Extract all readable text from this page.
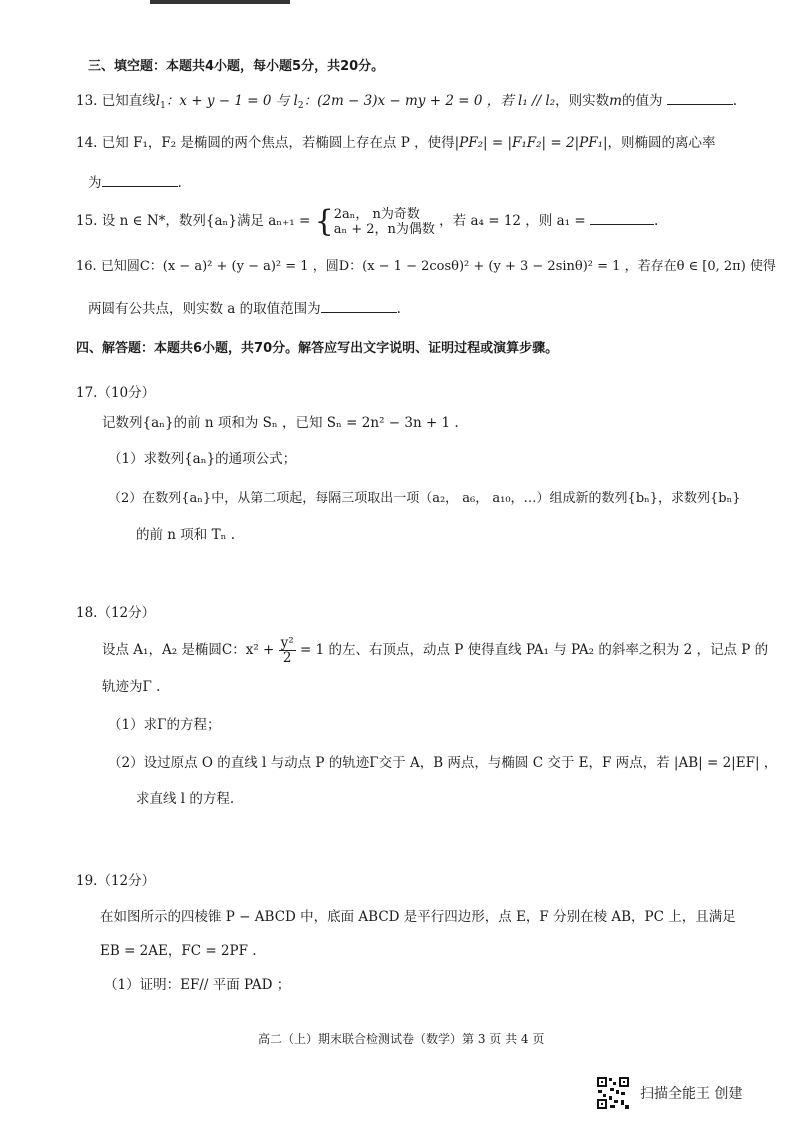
三、填空题：本题共4小题，每小题5分，共20分。
13. 已知直线$l_1$：x + y − 1 = 0 与 $l_2$：(2m − 3)x − my + 2 = 0 ，若 l₁ // l₂，则实数m的值为	.
14. 已知 F₁，F₂ 是椭圆的两个焦点，若椭圆上存在点 P ，使得|PF₂| = |F₁F₂| = 2|PF₁|，则椭圆的离心率
为	.
15. 设 n ∈ N*，数列{aₙ}满足 aₙ₊₁ = { 2aₙ， n为奇数
aₙ + 2，n为偶数 ，若 a₄ = 12 ，则 a₁ =	.
16. 已知圆C：(x − a)² + (y − a)² = 1 ，圆D：(x − 1 − 2cosθ)² + (y + 3 − 2sinθ)² = 1 ，若存在θ ∈ [0, 2π) 使得
两圆有公共点，则实数 a 的取值范围为	.
四、解答题：本题共6小题，共70分。解答应写出文字说明、证明过程或演算步骤。
17.（10分）
记数列{aₙ}的前 n 项和为 Sₙ ，已知 Sₙ = 2n² − 3n + 1 .
（1）求数列{aₙ}的通项公式；
（2）在数列{aₙ}中，从第二项起，每隔三项取出一项（a₂， a₆， a₁₀，…）组成新的数列{bₙ}，求数列{bₙ}
的前 n 项和 Tₙ .
18.（12分）
设点 A₁，A₂ 是椭圆C：$x^2 + \frac{\text{y²}}{2} = 1$ 的左、右顶点，动点 P 使得直线 PA₁ 与 PA₂ 的斜率之积为 2 ，记点 P 的
轨迹为Γ .
（1）求Γ的方程；
（2）设过原点 O 的直线 l 与动点 P 的轨迹Γ交于 A，B 两点，与椭圆 C 交于 E，F 两点，若 |AB| = 2|EF| ，
求直线 l 的方程.
19.（12分）
在如图所示的四棱锥 P − ABCD 中，底面 ABCD 是平行四边形，点 E，F 分别在棱 AB，PC 上，且满足
EB = 2AE，FC = 2PF .
（1）证明：EF// 平面 PAD ；
高二（上）期末联合检测试卷（数学）第 3 页 共 4 页
扫描全能王 创建
